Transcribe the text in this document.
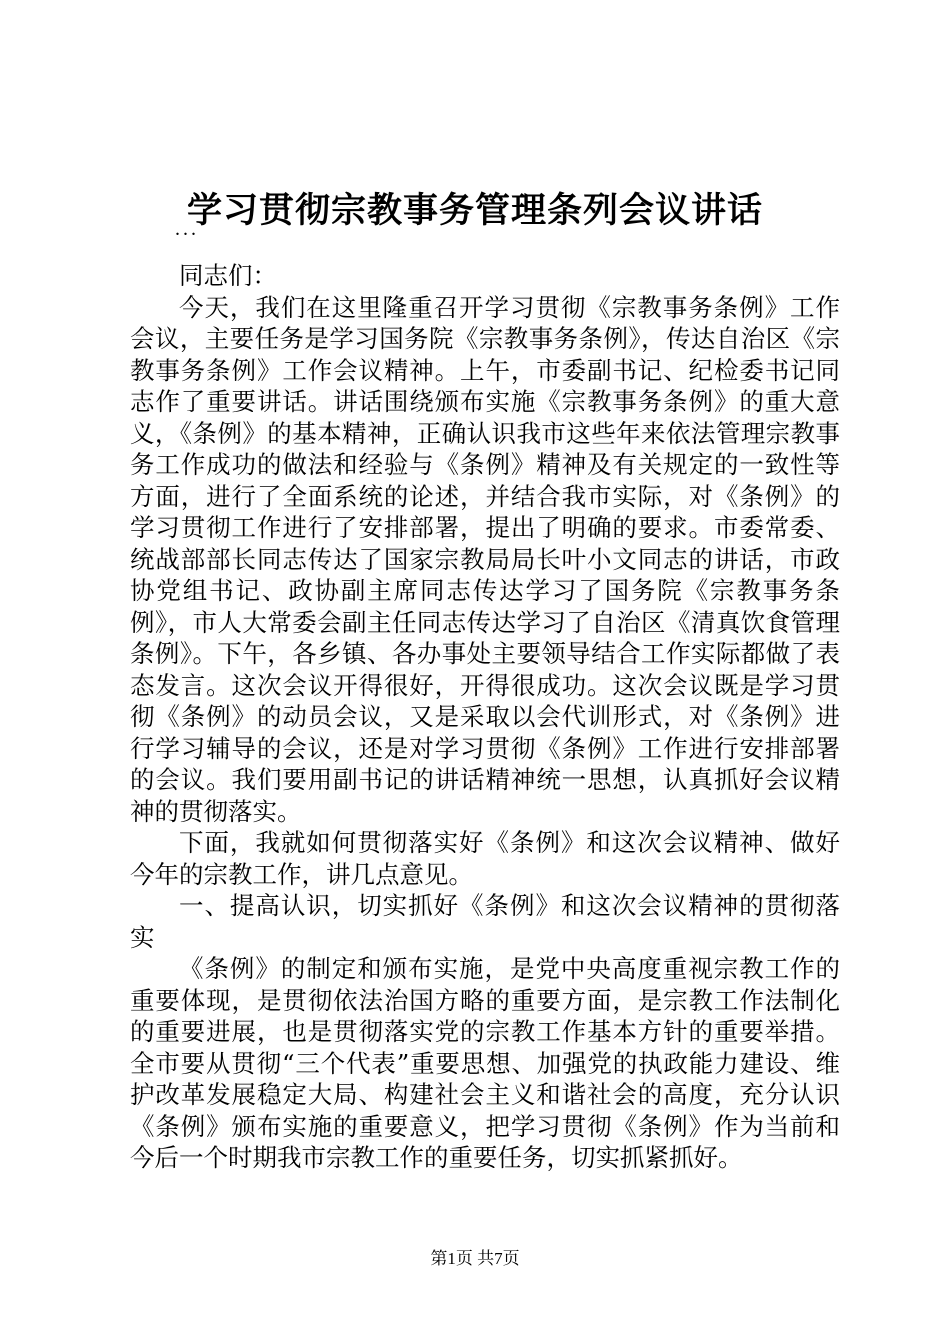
学习贯彻宗教事务管理条列会议讲话
...

同志们：

今天，我们在这里隆重召开学习贯彻《宗教事务条例》工作会议，主要任务是学习国务院《宗教事务条例》，传达自治区《宗教事务条例》工作会议精神。上午，市委副书记、纪检委书记同志作了重要讲话。讲话围绕颁布实施《宗教事务条例》的重大意义，《条例》的基本精神，正确认识我市这些年来依法管理宗教事务工作成功的做法和经验与《条例》精神及有关规定的一致性等方面，进行了全面系统的论述，并结合我市实际，对《条例》的学习贯彻工作进行了安排部署，提出了明确的要求。市委常委、统战部部长同志传达了国家宗教局局长叶小文同志的讲话，市政协党组书记、政协副主席同志传达学习了国务院《宗教事务条例》，市人大常委会副主任同志传达学习了自治区《清真饮食管理条例》。下午，各乡镇、各办事处主要领导结合工作实际都做了表态发言。这次会议开得很好，开得很成功。这次会议既是学习贯彻《条例》的动员会议，又是采取以会代训形式，对《条例》进行学习辅导的会议，还是对学习贯彻《条例》工作进行安排部署的会议。我们要用副书记的讲话精神统一思想，认真抓好会议精神的贯彻落实。

下面，我就如何贯彻落实好《条例》和这次会议精神、做好今年的宗教工作，讲几点意见。

一、提高认识，切实抓好《条例》和这次会议精神的贯彻落实

《条例》的制定和颁布实施，是党中央高度重视宗教工作的重要体现，是贯彻依法治国方略的重要方面，是宗教工作法制化的重要进展，也是贯彻落实党的宗教工作基本方针的重要举措。全市要从贯彻“三个代表”重要思想、加强党的执政能力建设、维护改革发展稳定大局、构建社会主义和谐社会的高度，充分认识《条例》颁布实施的重要意义，把学习贯彻《条例》作为当前和今后一个时期我市宗教工作的重要任务，切实抓紧抓好。

第1页 共7页
